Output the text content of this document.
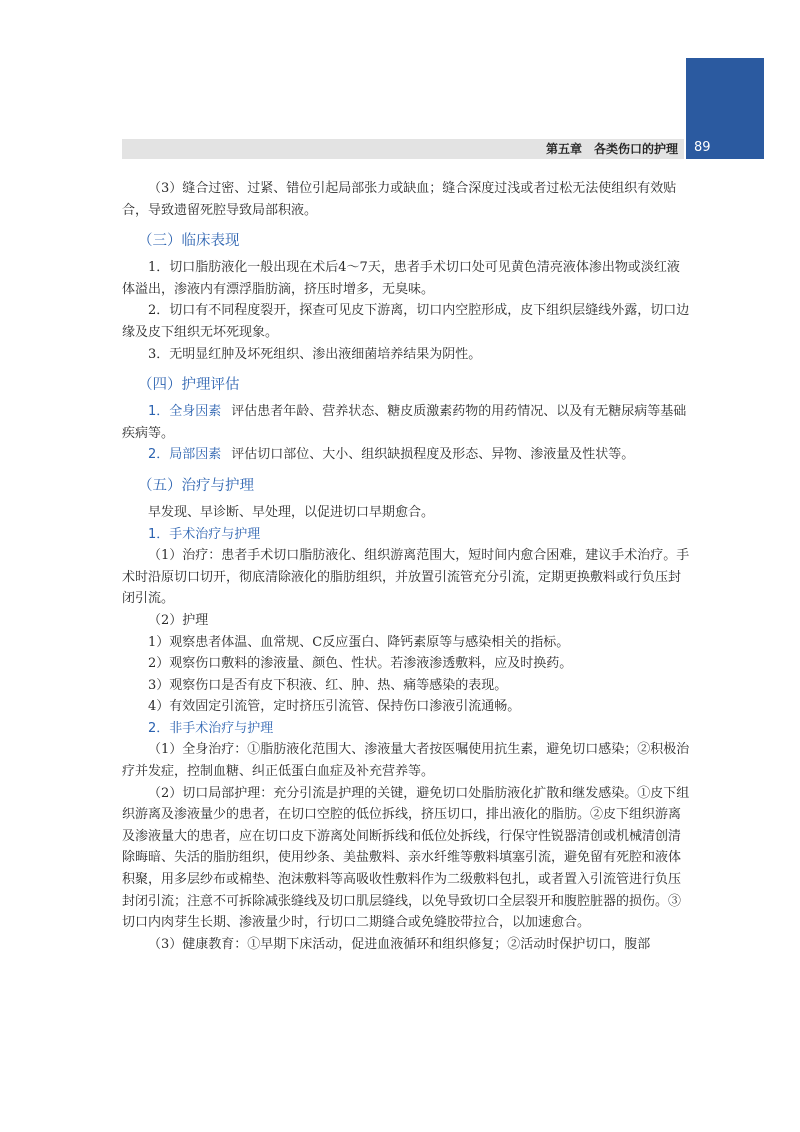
89
第五章　各类伤口的护理

（3）缝合过密、过紧、错位引起局部张力或缺血；缝合深度过浅或者过松无法使组织有效贴合，导致遗留死腔导致局部积液。

（三）临床表现

1．切口脂肪液化一般出现在术后4～7天，患者手术切口处可见黄色清亮液体渗出物或淡红液体溢出，渗液内有漂浮脂肪滴，挤压时增多，无臭味。

2．切口有不同程度裂开，探查可见皮下游离，切口内空腔形成，皮下组织层缝线外露，切口边缘及皮下组织无坏死现象。

3．无明显红肿及坏死组织、渗出液细菌培养结果为阴性。

（四）护理评估

1．全身因素 评估患者年龄、营养状态、糖皮质激素药物的用药情况、以及有无糖尿病等基础疾病等。

2．局部因素 评估切口部位、大小、组织缺损程度及形态、异物、渗液量及性状等。

（五）治疗与护理

早发现、早诊断、早处理，以促进切口早期愈合。

1．手术治疗与护理

（1）治疗：患者手术切口脂肪液化、组织游离范围大，短时间内愈合困难，建议手术治疗。手术时沿原切口切开，彻底清除液化的脂肪组织，并放置引流管充分引流，定期更换敷料或行负压封闭引流。

（2）护理

1）观察患者体温、血常规、C反应蛋白、降钙素原等与感染相关的指标。

2）观察伤口敷料的渗液量、颜色、性状。若渗液渗透敷料，应及时换药。

3）观察伤口是否有皮下积液、红、肿、热、痛等感染的表现。

4）有效固定引流管，定时挤压引流管、保持伤口渗液引流通畅。

2．非手术治疗与护理

（1）全身治疗：①脂肪液化范围大、渗液量大者按医嘱使用抗生素，避免切口感染；②积极治疗并发症，控制血糖、纠正低蛋白血症及补充营养等。

（2）切口局部护理：充分引流是护理的关键，避免切口处脂肪液化扩散和继发感染。①皮下组织游离及渗液量少的患者，在切口空腔的低位拆线，挤压切口，排出液化的脂肪。②皮下组织游离及渗液量大的患者，应在切口皮下游离处间断拆线和低位处拆线，行保守性锐器清创或机械清创清除晦暗、失活的脂肪组织，使用纱条、美盐敷料、亲水纤维等敷料填塞引流，避免留有死腔和液体积聚，用多层纱布或棉垫、泡沫敷料等高吸收性敷料作为二级敷料包扎，或者置入引流管进行负压封闭引流；注意不可拆除减张缝线及切口肌层缝线，以免导致切口全层裂开和腹腔脏器的损伤。③切口内肉芽生长期、渗液量少时，行切口二期缝合或免缝胶带拉合，以加速愈合。

（3）健康教育：①早期下床活动，促进血液循环和组织修复；②活动时保护切口，腹部
